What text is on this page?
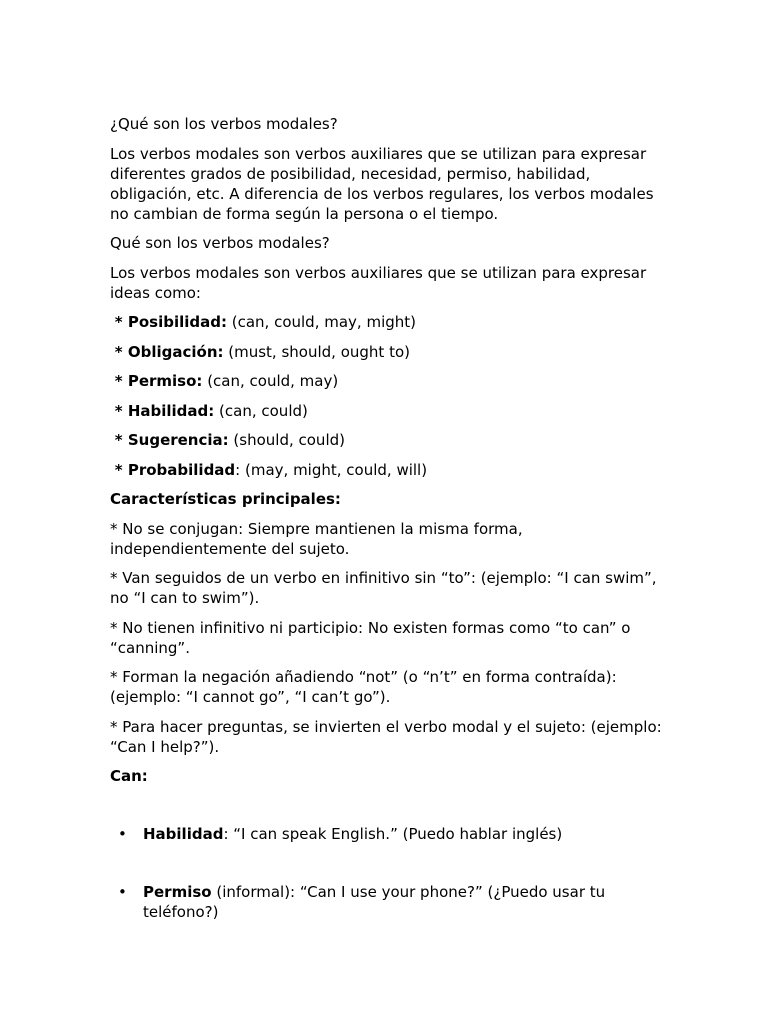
¿Qué son los verbos modales?
Los verbos modales son verbos auxiliares que se utilizan para expresar diferentes grados de posibilidad, necesidad, permiso, habilidad, obligación, etc. A diferencia de los verbos regulares, los verbos modales no cambian de forma según la persona o el tiempo.
Qué son los verbos modales?
Los verbos modales son verbos auxiliares que se utilizan para expresar ideas como:
* Posibilidad: (can, could, may, might)
* Obligación: (must, should, ought to)
* Permiso: (can, could, may)
* Habilidad: (can, could)
* Sugerencia: (should, could)
* Probabilidad: (may, might, could, will)
Características principales:
* No se conjugan: Siempre mantienen la misma forma, independientemente del sujeto.
* Van seguidos de un verbo en infinitivo sin “to”: (ejemplo: “I can swim”, no “I can to swim”).
* No tienen infinitivo ni participio: No existen formas como “to can” o “canning”.
* Forman la negación añadiendo “not” (o “n’t” en forma contraída): (ejemplo: “I cannot go”, “I can’t go”).
* Para hacer preguntas, se invierten el verbo modal y el sujeto: (ejemplo: “Can I help?”).
Can:
• Habilidad: “I can speak English.” (Puedo hablar inglés)
• Permiso (informal): “Can I use your phone?” (¿Puedo usar tu teléfono?)
